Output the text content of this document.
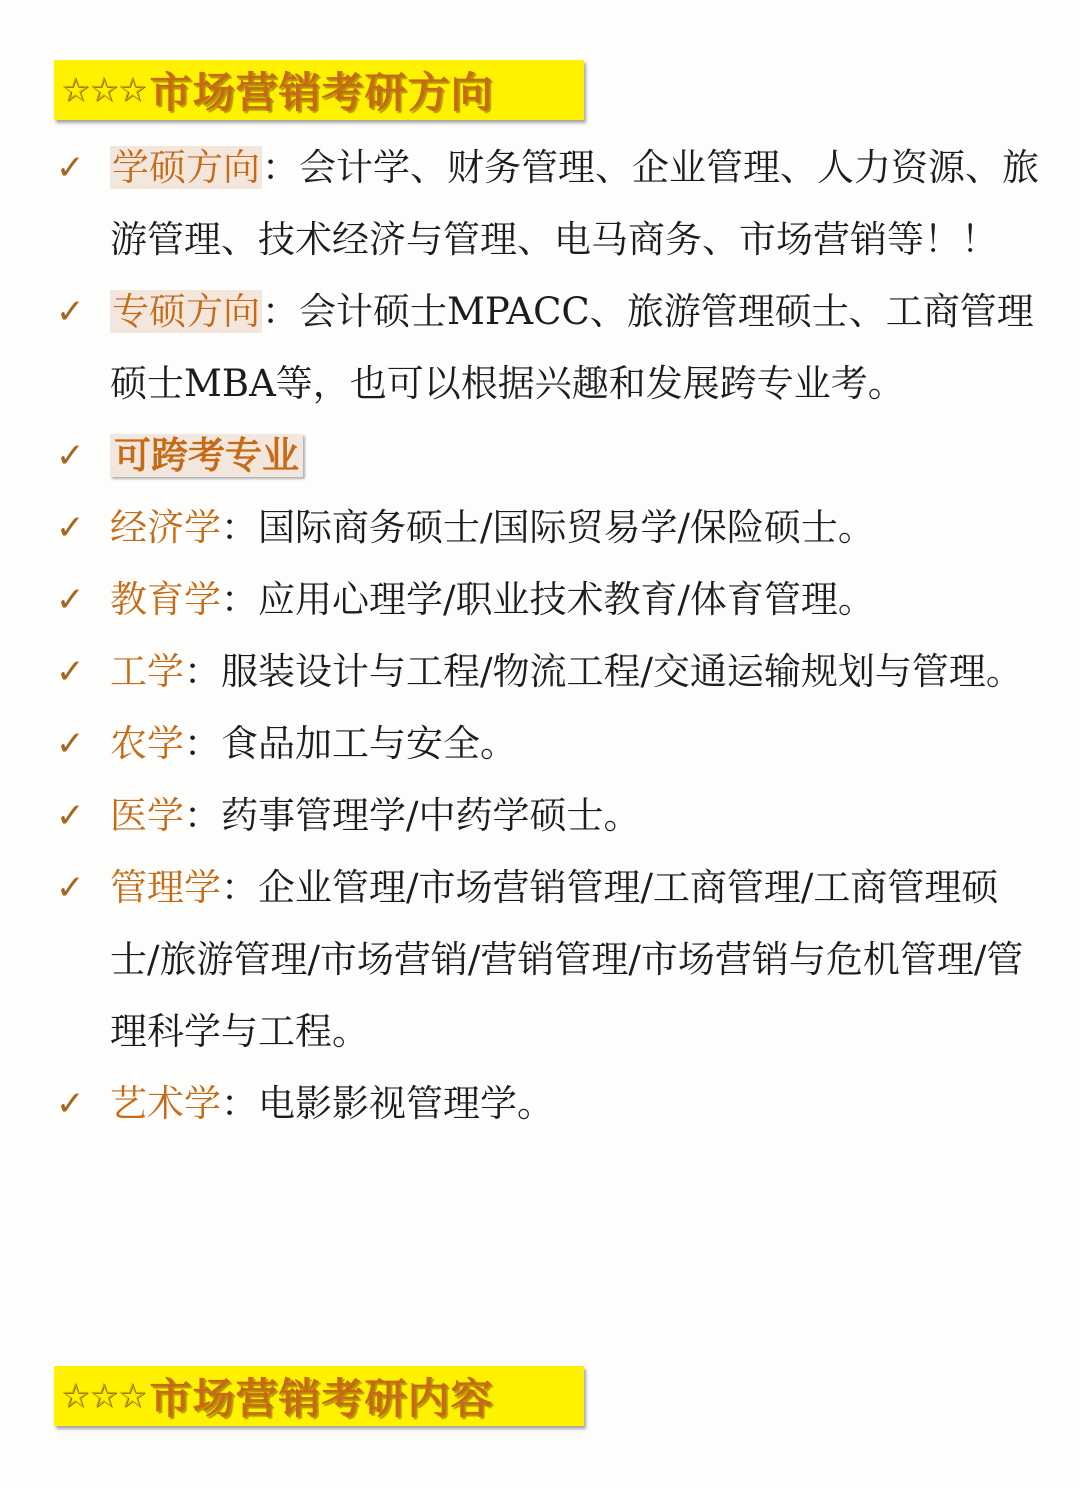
☆☆☆ 市场营销考研方向
✓ 学硕方向：会计学、财务管理、企业管理、人力资源、旅游管理、技术经济与管理、电马商务、市场营销等！！
✓ 专硕方向：会计硕士MPACC、旅游管理硕士、工商管理硕士MBA等，也可以根据兴趣和发展跨专业考。
✓ 可跨考专业
✓ 经济学：国际商务硕士/国际贸易学/保险硕士。
✓ 教育学：应用心理学/职业技术教育/体育管理。
✓ 工学：服装设计与工程/物流工程/交通运输规划与管理。
✓ 农学：食品加工与安全。
✓ 医学：药事管理学/中药学硕士。
✓ 管理学：企业管理/市场营销管理/工商管理/工商管理硕士/旅游管理/市场营销/营销管理/市场营销与危机管理/管理科学与工程。
✓ 艺术学：电影影视管理学。
☆☆☆ 市场营销考研内容
